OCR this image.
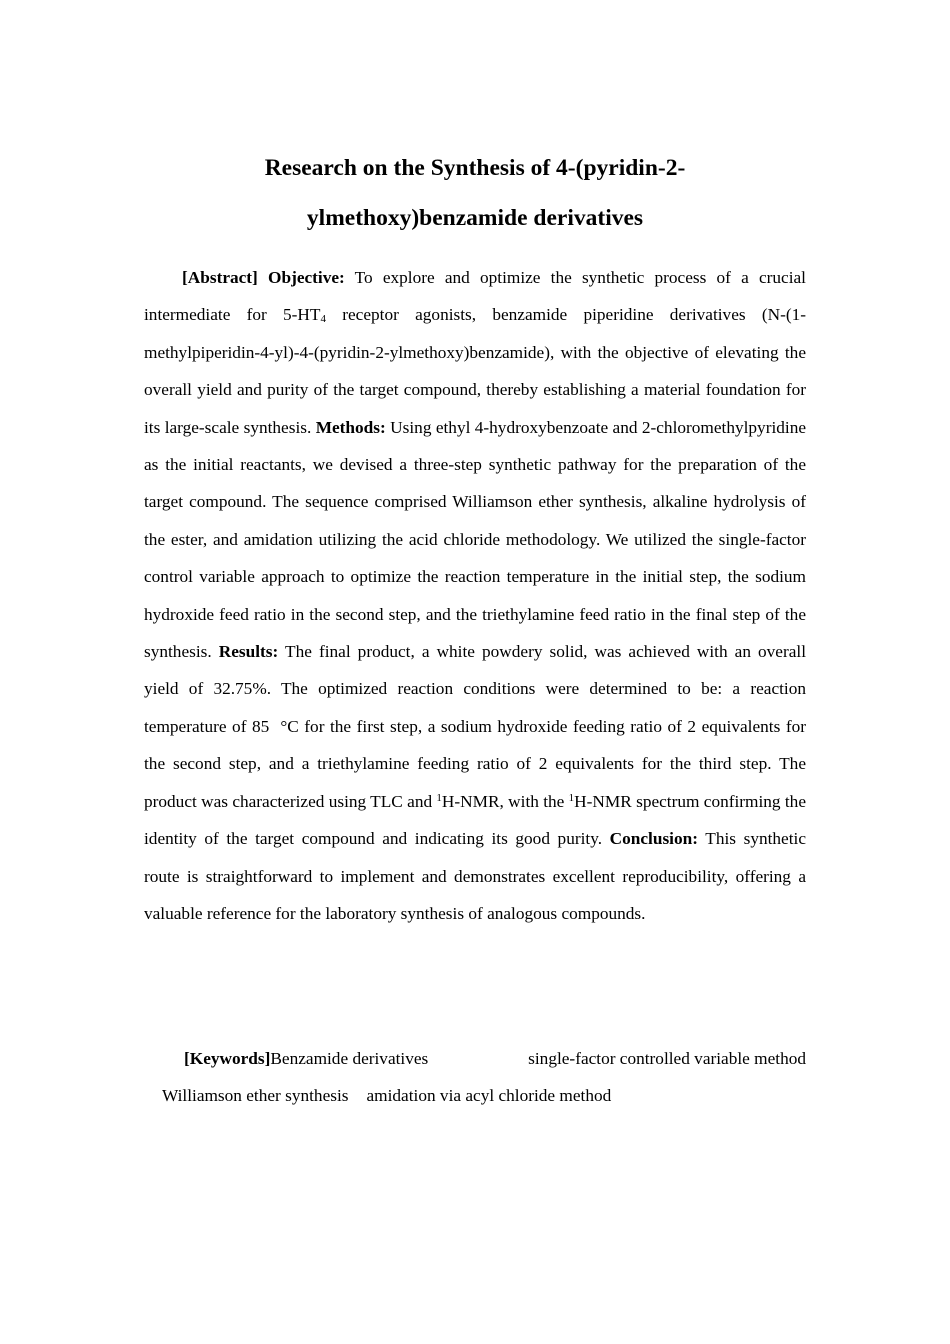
Research on the Synthesis of 4-(pyridin-2-
ylmethoxy)benzamide derivatives

[Abstract] Objective: To explore and optimize the synthetic process of a crucial intermediate for $5-HT_4$ receptor agonists, benzamide piperidine derivatives (N-(1-methylpiperidin-4-yl)-4-(pyridin-2-ylmethoxy)benzamide), with the objective of elevating the overall yield and purity of the target compound, thereby establishing a material foundation for its large-scale synthesis. Methods: Using ethyl 4-hydroxybenzoate and 2-chloromethylpyridine as the initial reactants, we devised a three-step synthetic pathway for the preparation of the target compound. The sequence comprised Williamson ether synthesis, alkaline hydrolysis of the ester, and amidation utilizing the acid chloride methodology. We utilized the single-factor control variable approach to optimize the reaction temperature in the initial step, the sodium hydroxide feed ratio in the second step, and the triethylamine feed ratio in the final step of the synthesis. Results: The final product, a white powdery solid, was achieved with an overall yield of 32.75%. The optimized reaction conditions were determined to be: a reaction temperature of 85  °C for the first step, a sodium hydroxide feeding ratio of 2 equivalents for the second step, and a triethylamine feeding ratio of 2 equivalents for the third step. The product was characterized using TLC and $^1$H-NMR, with the $^1$H-NMR spectrum confirming the identity of the target compound and indicating its good purity. Conclusion: This synthetic route is straightforward to implement and demonstrates excellent reproducibility, offering a valuable reference for the laboratory synthesis of analogous compounds.

[Keywords]Benzamide derivatives	single-factor controlled variable method
Williamson ether synthesis amidation via acyl chloride method
